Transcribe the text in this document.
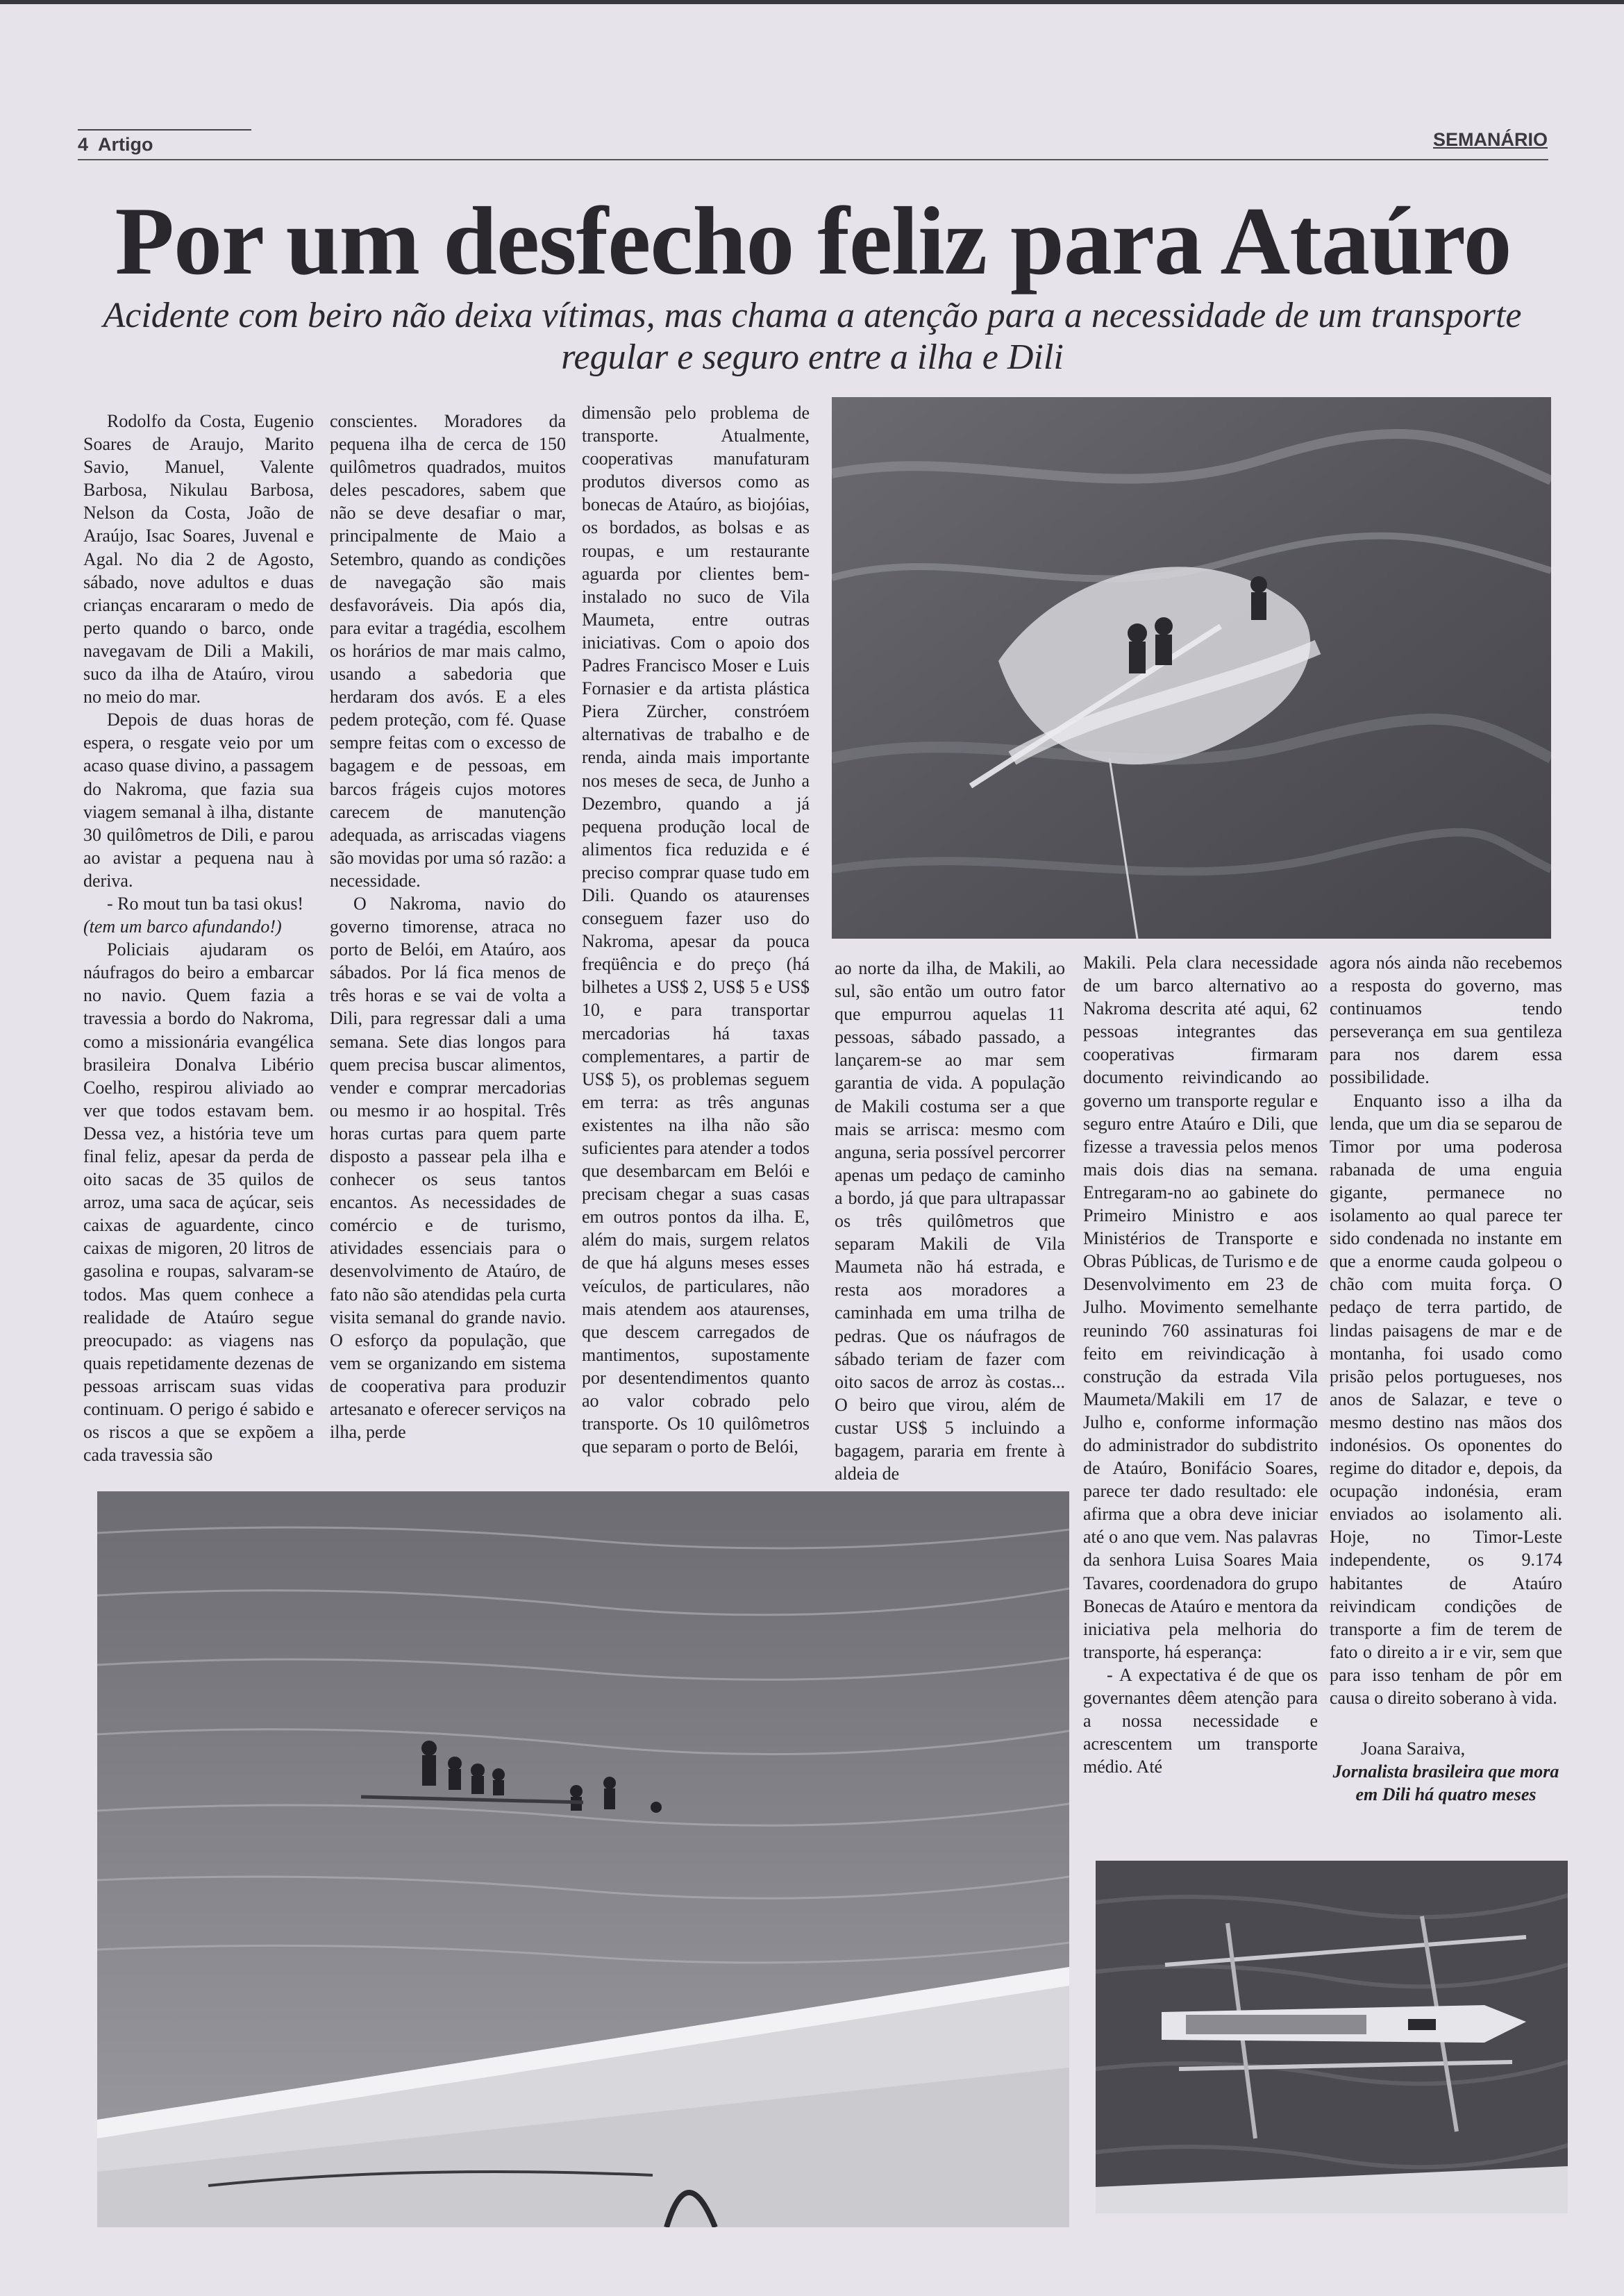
4  Artigo	SEMANÁRIO
Por um desfecho feliz para Ataúro

Acidente com beiro não deixa vítimas, mas chama a atenção para a necessidade de um transporte regular e seguro entre a ilha e Dili

Rodolfo da Costa, Eugenio Soares de Araujo, Marito Savio, Manuel, Valente Barbosa, Nikulau Barbosa, Nelson da Costa, João de Araújo, Isac Soares, Juvenal e Agal. No dia 2 de Agosto, sábado, nove adultos e duas crianças encararam o medo de perto quando o barco, onde navegavam de Dili a Makili, suco da ilha de Ataúro, virou no meio do mar.

Depois de duas horas de espera, o resgate veio por um acaso quase divino, a passagem do Nakroma, que fazia sua viagem semanal à ilha, distante 30 quilômetros de Dili, e parou ao avistar a pequena nau à deriva.

- Ro mout tun ba tasi okus!

(tem um barco afundando!)

Policiais ajudaram os náufragos do beiro a embarcar no navio. Quem fazia a travessia a bordo do Nakroma, como a missionária evangélica brasileira Donalva Libério Coelho, respirou aliviado ao ver que todos estavam bem. Dessa vez, a história teve um final feliz, apesar da perda de oito sacas de 35 quilos de arroz, uma saca de açúcar, seis caixas de aguardente, cinco caixas de migoren, 20 litros de gasolina e roupas, salvaram-se todos. Mas quem conhece a realidade de Ataúro segue preocupado: as viagens nas quais repetidamente dezenas de pessoas arriscam suas vidas continuam. O perigo é sabido e os riscos a que se expõem a cada travessia são

conscientes. Moradores da pequena ilha de cerca de 150 quilômetros quadrados, muitos deles pescadores, sabem que não se deve desafiar o mar, principalmente de Maio a Setembro, quando as condições de navegação são mais desfavoráveis. Dia após dia, para evitar a tragédia, escolhem os horários de mar mais calmo, usando a sabedoria que herdaram dos avós. E a eles pedem proteção, com fé. Quase sempre feitas com o excesso de bagagem e de pessoas, em barcos frágeis cujos motores carecem de manutenção adequada, as arriscadas viagens são movidas por uma só razão: a necessidade.

O Nakroma, navio do governo timorense, atraca no porto de Belói, em Ataúro, aos sábados. Por lá fica menos de três horas e se vai de volta a Dili, para regressar dali a uma semana. Sete dias longos para quem precisa buscar alimentos, vender e comprar mercadorias ou mesmo ir ao hospital. Três horas curtas para quem parte disposto a passear pela ilha e conhecer os seus tantos encantos. As necessidades de comércio e de turismo, atividades essenciais para o desenvolvimento de Ataúro, de fato não são atendidas pela curta visita semanal do grande navio. O esforço da população, que vem se organizando em sistema de cooperativa para produzir artesanato e oferecer serviços na ilha, perde

dimensão pelo problema de transporte. Atualmente, cooperativas manufaturam produtos diversos como as bonecas de Ataúro, as biojóias, os bordados, as bolsas e as roupas, e um restaurante aguarda por clientes bem-instalado no suco de Vila Maumeta, entre outras iniciativas. Com o apoio dos Padres Francisco Moser e Luis Fornasier e da artista plástica Piera Zürcher, constróem alternativas de trabalho e de renda, ainda mais importante nos meses de seca, de Junho a Dezembro, quando a já pequena produção local de alimentos fica reduzida e é preciso comprar quase tudo em Dili. Quando os ataurenses conseguem fazer uso do Nakroma, apesar da pouca freqüência e do preço (há bilhetes a US$ 2, US$ 5 e US$ 10, e para transportar mercadorias há taxas complementares, a partir de US$ 5), os problemas seguem em terra: as três angunas existentes na ilha não são suficientes para atender a todos que desembarcam em Belói e precisam chegar a suas casas em outros pontos da ilha. E, além do mais, surgem relatos de que há alguns meses esses veículos, de particulares, não mais atendem aos ataurenses, que descem carregados de mantimentos, supostamente por desentendimentos quanto ao valor cobrado pelo transporte. Os 10 quilômetros que separam o porto de Belói,

ao norte da ilha, de Makili, ao sul, são então um outro fator que empurrou aquelas 11 pessoas, sábado passado, a lançarem-se ao mar sem garantia de vida. A população de Makili costuma ser a que mais se arrisca: mesmo com anguna, seria possível percorrer apenas um pedaço de caminho a bordo, já que para ultrapassar os três quilômetros que separam Makili de Vila Maumeta não há estrada, e resta aos moradores a caminhada em uma trilha de pedras. Que os náufragos de sábado teriam de fazer com oito sacos de arroz às costas... O beiro que virou, além de custar US$ 5 incluindo a bagagem, pararia em frente à aldeia de

Makili. Pela clara necessidade de um barco alternativo ao Nakroma descrita até aqui, 62 pessoas integrantes das cooperativas firmaram documento reivindicando ao governo um transporte regular e seguro entre Ataúro e Dili, que fizesse a travessia pelos menos mais dois dias na semana. Entregaram-no ao gabinete do Primeiro Ministro e aos Ministérios de Transporte e Obras Públicas, de Turismo e de Desenvolvimento em 23 de Julho. Movimento semelhante reunindo 760 assinaturas foi feito em reivindicação à construção da estrada Vila Maumeta/Makili em 17 de Julho e, conforme informação do administrador do subdistrito de Ataúro, Bonifácio Soares, parece ter dado resultado: ele afirma que a obra deve iniciar até o ano que vem. Nas palavras da senhora Luisa Soares Maia Tavares, coordenadora do grupo Bonecas de Ataúro e mentora da iniciativa pela melhoria do transporte, há esperança:

- A expectativa é de que os governantes dêem atenção para a nossa necessidade e acrescentem um transporte médio. Até

agora nós ainda não recebemos a resposta do governo, mas continuamos tendo perseverança em sua gentileza para nos darem essa possibilidade.

Enquanto isso a ilha da lenda, que um dia se separou de Timor por uma poderosa rabanada de uma enguia gigante, permanece no isolamento ao qual parece ter sido condenada no instante em que a enorme cauda golpeou o chão com muita força. O pedaço de terra partido, de lindas paisagens de mar e de montanha, foi usado como prisão pelos portugueses, nos anos de Salazar, e teve o mesmo destino nas mãos dos indonésios. Os oponentes do regime do ditador e, depois, da ocupação indonésia, eram enviados ao isolamento ali. Hoje, no Timor-Leste independente, os 9.174 habitantes de Ataúro reivindicam condições de transporte a fim de terem de fato o direito a ir e vir, sem que para isso tenham de pôr em causa o direito soberano à vida.

Joana Saraiva,

Jornalista brasileira que mora em Dili há quatro meses
